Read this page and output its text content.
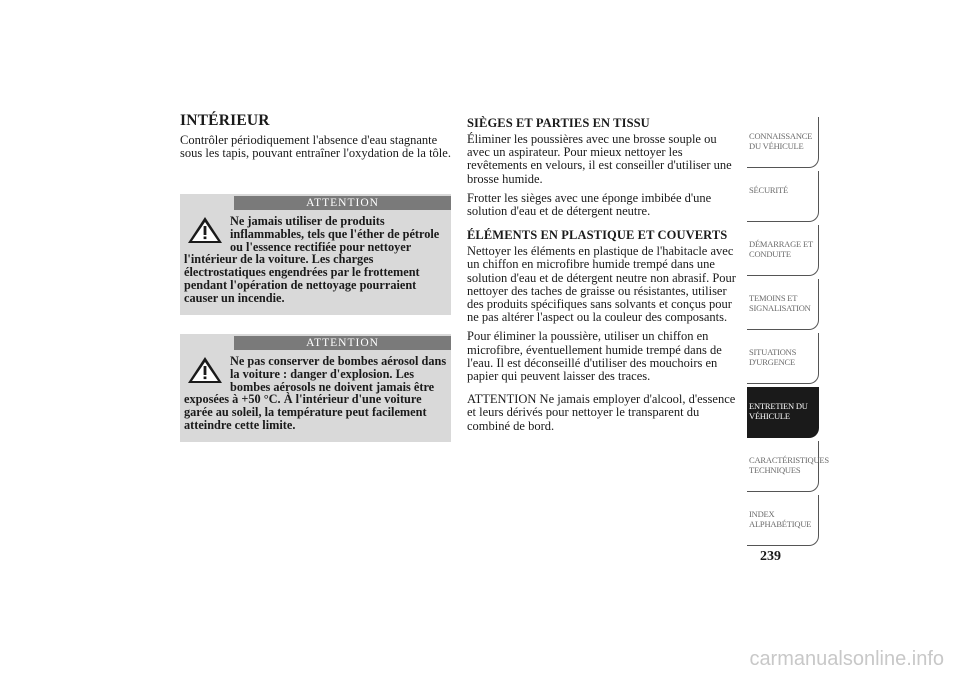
INTÉRIEUR
Contrôler périodiquement l'absence d'eau stagnante sous les tapis, pouvant entraîner l'oxydation de la tôle.
ATTENTION
Ne jamais utiliser de produits inflammables, tels que l'éther de pétrole ou l'essence rectifiée pour nettoyer l'intérieur de la voiture. Les charges électrostatiques engendrées par le frottement pendant l'opération de nettoyage pourraient causer un incendie.
ATTENTION
Ne pas conserver de bombes aérosol dans la voiture : danger d'explosion. Les bombes aérosols ne doivent jamais être exposées à +50 °C. À l'intérieur d'une voiture garée au soleil, la température peut facilement atteindre cette limite.
SIÈGES ET PARTIES EN TISSU
Éliminer les poussières avec une brosse souple ou avec un aspirateur. Pour mieux nettoyer les revêtements en velours, il est conseiller d'utiliser une brosse humide.
Frotter les sièges avec une éponge imbibée d'une solution d'eau et de détergent neutre.
ÉLÉMENTS EN PLASTIQUE ET COUVERTS
Nettoyer les éléments en plastique de l'habitacle avec un chiffon en microfibre humide trempé dans une solution d'eau et de détergent neutre non abrasif. Pour nettoyer des taches de graisse ou résistantes, utiliser des produits spécifiques sans solvants et conçus pour ne pas altérer l'aspect ou la couleur des composants.
Pour éliminer la poussière, utiliser un chiffon en microfibre, éventuellement humide trempé dans de l'eau. Il est déconseillé d'utiliser des mouchoirs en papier qui peuvent laisser des traces.
ATTENTION Ne jamais employer d'alcool, d'essence et leurs dérivés pour nettoyer le transparent du combiné de bord.
CONNAISSANCE DU VÉHICULE
SÉCURITÉ
DÉMARRAGE ET CONDUITE
TEMOINS ET SIGNALISATION
SITUATIONS D'URGENCE
ENTRETIEN DU VÉHICULE
CARACTÉRISTIQUES TECHNIQUES
INDEX ALPHABÉTIQUE
239
carmanualsonline.info
